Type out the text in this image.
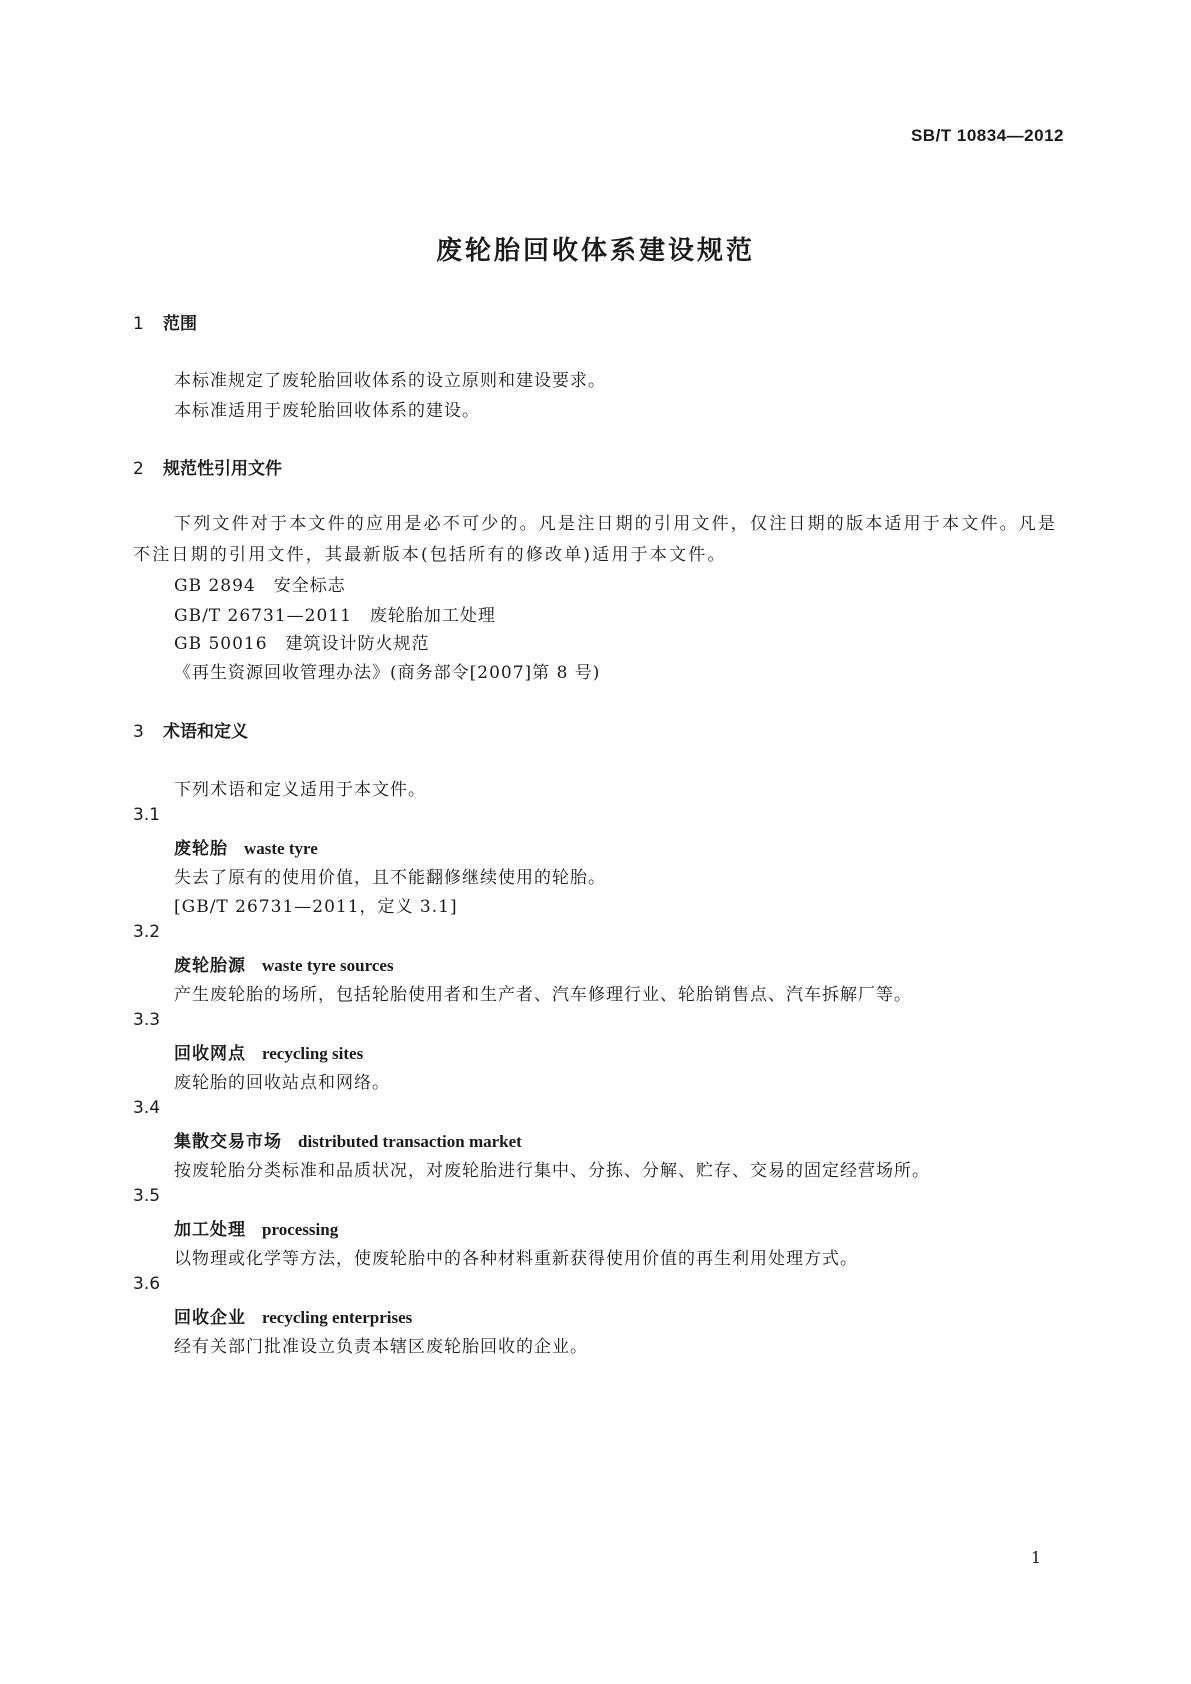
SB/T 10834—2012
废轮胎回收体系建设规范
1 范围
本标准规定了废轮胎回收体系的设立原则和建设要求。
本标准适用于废轮胎回收体系的建设。
2 规范性引用文件
下列文件对于本文件的应用是必不可少的。凡是注日期的引用文件，仅注日期的版本适用于本文件。凡是不注日期的引用文件，其最新版本(包括所有的修改单)适用于本文件。
GB 2894　安全标志
GB/T 26731—2011　废轮胎加工处理
GB 50016　建筑设计防火规范
《再生资源回收管理办法》(商务部令[2007]第 8 号)
3 术语和定义
下列术语和定义适用于本文件。
3.1
废轮胎 waste tyre
失去了原有的使用价值，且不能翻修继续使用的轮胎。
[GB/T 26731—2011，定义 3.1]
3.2
废轮胎源 waste tyre sources
产生废轮胎的场所，包括轮胎使用者和生产者、汽车修理行业、轮胎销售点、汽车拆解厂等。
3.3
回收网点 recycling sites
废轮胎的回收站点和网络。
3.4
集散交易市场 distributed transaction market
按废轮胎分类标准和品质状况，对废轮胎进行集中、分拣、分解、贮存、交易的固定经营场所。
3.5
加工处理 processing
以物理或化学等方法，使废轮胎中的各种材料重新获得使用价值的再生利用处理方式。
3.6
回收企业 recycling enterprises
经有关部门批准设立负责本辖区废轮胎回收的企业。
1
